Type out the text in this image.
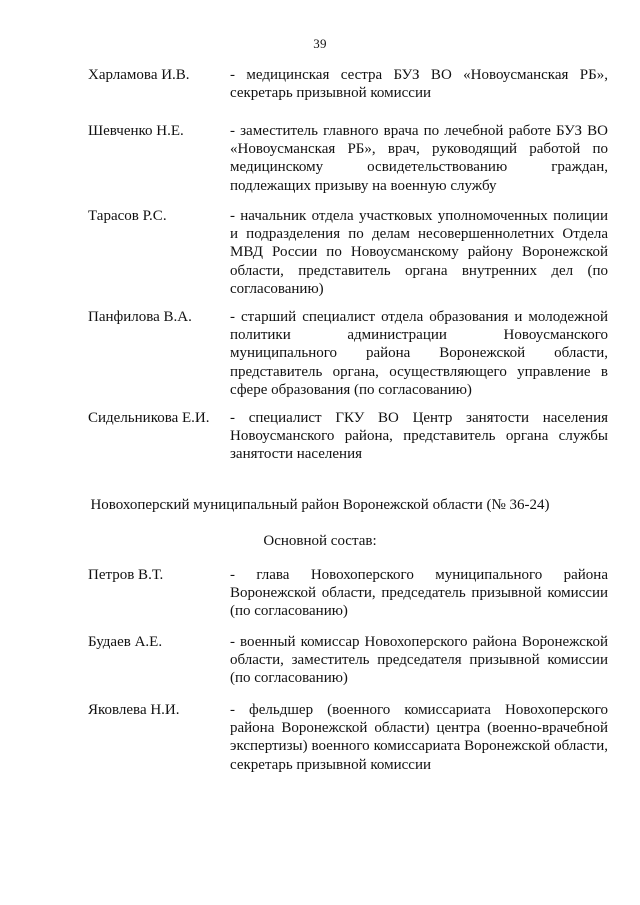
39
Харламова И.В.	- медицинская сестра БУЗ ВО «Новоусманская РБ», секретарь призывной комиссии
Шевченко Н.Е.	- заместитель главного врача по лечебной работе БУЗ ВО «Новоусманская РБ», врач, руководящий работой по медицинскому освидетельствованию граждан, подлежащих призыву на военную службу
Тарасов Р.С.	- начальник отдела участковых уполномоченных полиции и подразделения по делам несовершеннолетних Отдела МВД России по Новоусманскому району Воронежской области, представитель органа внутренних дел (по согласованию)
Панфилова В.А.	- старший специалист отдела образования и молодежной политики администрации Новоусманского муниципального района Воронежской области, представитель органа, осуществляющего управление в сфере образования (по согласованию)
Сидельникова Е.И.	- специалист ГКУ ВО Центр занятости населения Новоусманского района, представитель органа службы занятости населения
Новохоперский муниципальный район Воронежской области (№ 36-24)
Основной состав:
Петров В.Т.	- глава Новохоперского муниципального района Воронежской области, председатель призывной комиссии (по согласованию)
Будаев А.Е.	- военный комиссар Новохоперского района Воронежской области, заместитель председателя призывной комиссии (по согласованию)
Яковлева Н.И.	- фельдшер (военного комиссариата Новохоперского района Воронежской области) центра (военно-врачебной экспертизы) военного комиссариата Воронежской области, секретарь призывной комиссии
